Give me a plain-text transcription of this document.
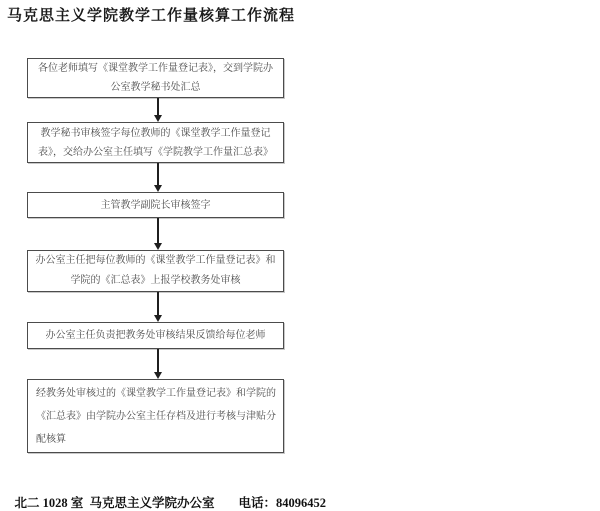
马克思主义学院教学工作量核算工作流程
各位老师填写《课堂教学工作量登记表》，交到学院办
公室教学秘书处汇总
教学秘书审核签字每位教师的《课堂教学工作量登记
表》，交给办公室主任填写《学院教学工作量汇总表》
主管教学副院长审核签字
办公室主任把每位教师的《课堂教学工作量登记表》和
学院的《汇总表》上报学校教务处审核
办公室主任负责把教务处审核结果反馈给每位老师
经教务处审核过的《课堂教学工作量登记表》和学院的
《汇总表》由学院办公室主任存档及进行考核与津贴分
配核算

北二 1028 室  马克思主义学院办公室 电话：84096452
